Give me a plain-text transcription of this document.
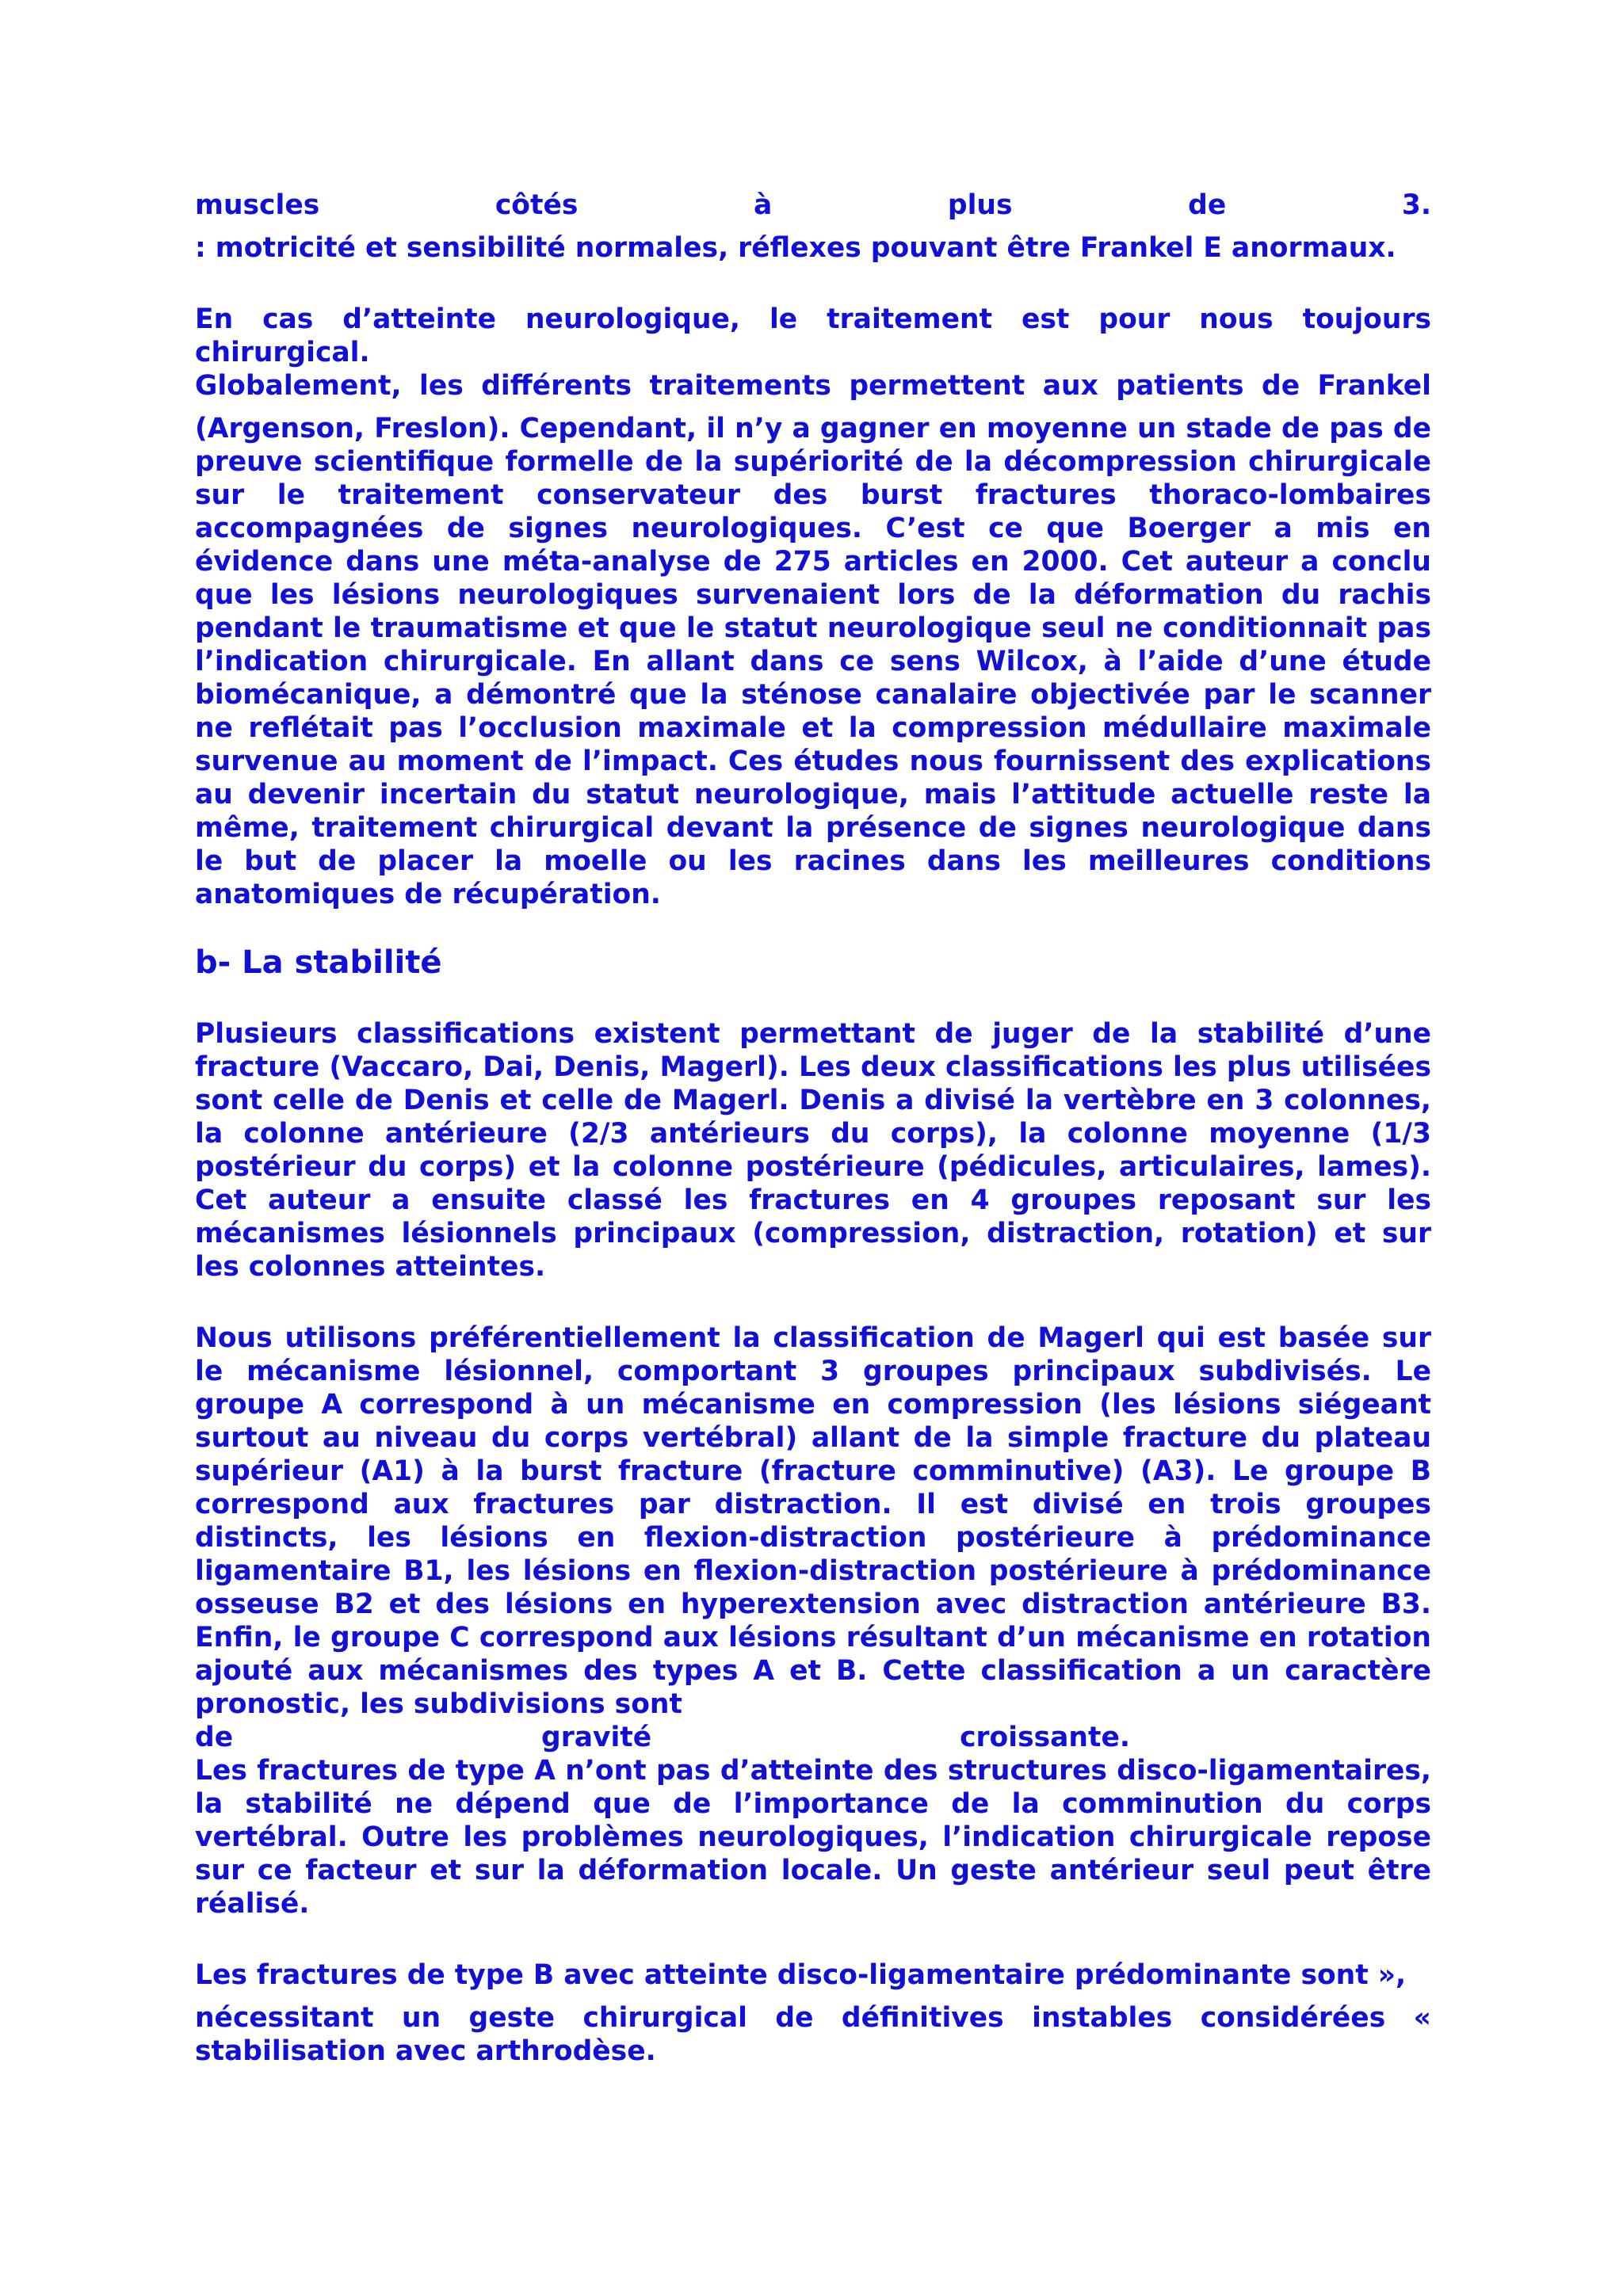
muscles	côtés	à	plus	de	3.

: motricité et sensibilité normales, réflexes pouvant être Frankel E anormaux.

En cas d’atteinte neurologique, le traitement est pour nous toujours chirurgical.
Globalement, les différents traitements permettent aux patients de Frankel

(Argenson, Freslon). Cependant, il n’y a gagner en moyenne un stade de pas de preuve scientifique formelle de la supériorité de la décompression chirurgicale sur le traitement conservateur des burst fractures thoraco-lombaires accompagnées de signes neurologiques. C’est ce que Boerger a mis en évidence dans une méta-analyse de 275 articles en 2000. Cet auteur a conclu que les lésions neurologiques survenaient lors de la déformation du rachis pendant le traumatisme et que le statut neurologique seul ne conditionnait pas l’indication chirurgicale. En allant dans ce sens Wilcox, à l’aide d’une étude biomécanique, a démontré que la sténose canalaire objectivée par le scanner ne reflétait pas l’occlusion maximale et la compression médullaire maximale survenue au moment de l’impact. Ces études nous fournissent des explications au devenir incertain du statut neurologique, mais l’attitude actuelle reste la même, traitement chirurgical devant la présence de signes neurologique dans le but de placer la moelle ou les racines dans les meilleures conditions anatomiques de récupération.

b- La stabilité

Plusieurs classifications existent permettant de juger de la stabilité d’une fracture (Vaccaro, Dai, Denis, Magerl). Les deux classifications les plus utilisées sont celle de Denis et celle de Magerl. Denis a divisé la vertèbre en 3 colonnes, la colonne antérieure (2/3 antérieurs du corps), la colonne moyenne (1/3 postérieur du corps) et la colonne postérieure (pédicules, articulaires, lames). Cet auteur a ensuite classé les fractures en 4 groupes reposant sur les mécanismes lésionnels principaux (compression, distraction, rotation) et sur les colonnes atteintes.

Nous utilisons préférentiellement la classification de Magerl qui est basée sur le mécanisme lésionnel, comportant 3 groupes principaux subdivisés. Le groupe A correspond à un mécanisme en compression (les lésions siégeant surtout au niveau du corps vertébral) allant de la simple fracture du plateau supérieur (A1) à la burst fracture (fracture comminutive) (A3). Le groupe B correspond aux fractures par distraction. Il est divisé en trois groupes distincts, les lésions en flexion-distraction postérieure à prédominance ligamentaire B1, les lésions en flexion-distraction postérieure à prédominance osseuse B2 et des lésions en hyperextension avec distraction antérieure B3. Enfin, le groupe C correspond aux lésions résultant d’un mécanisme en rotation ajouté aux mécanismes des types A et B. Cette classification a un caractère pronostic, les subdivisions sont

de	gravité	croissante.

Les fractures de type A n’ont pas d’atteinte des structures disco-ligamentaires, la stabilité ne dépend que de l’importance de la comminution du corps vertébral. Outre les problèmes neurologiques, l’indication chirurgicale repose sur ce facteur et sur la déformation locale. Un geste antérieur seul peut être réalisé.

Les fractures de type B avec atteinte disco-ligamentaire prédominante sont »,

nécessitant un geste chirurgical de définitives instables considérées «

stabilisation avec arthrodèse.
